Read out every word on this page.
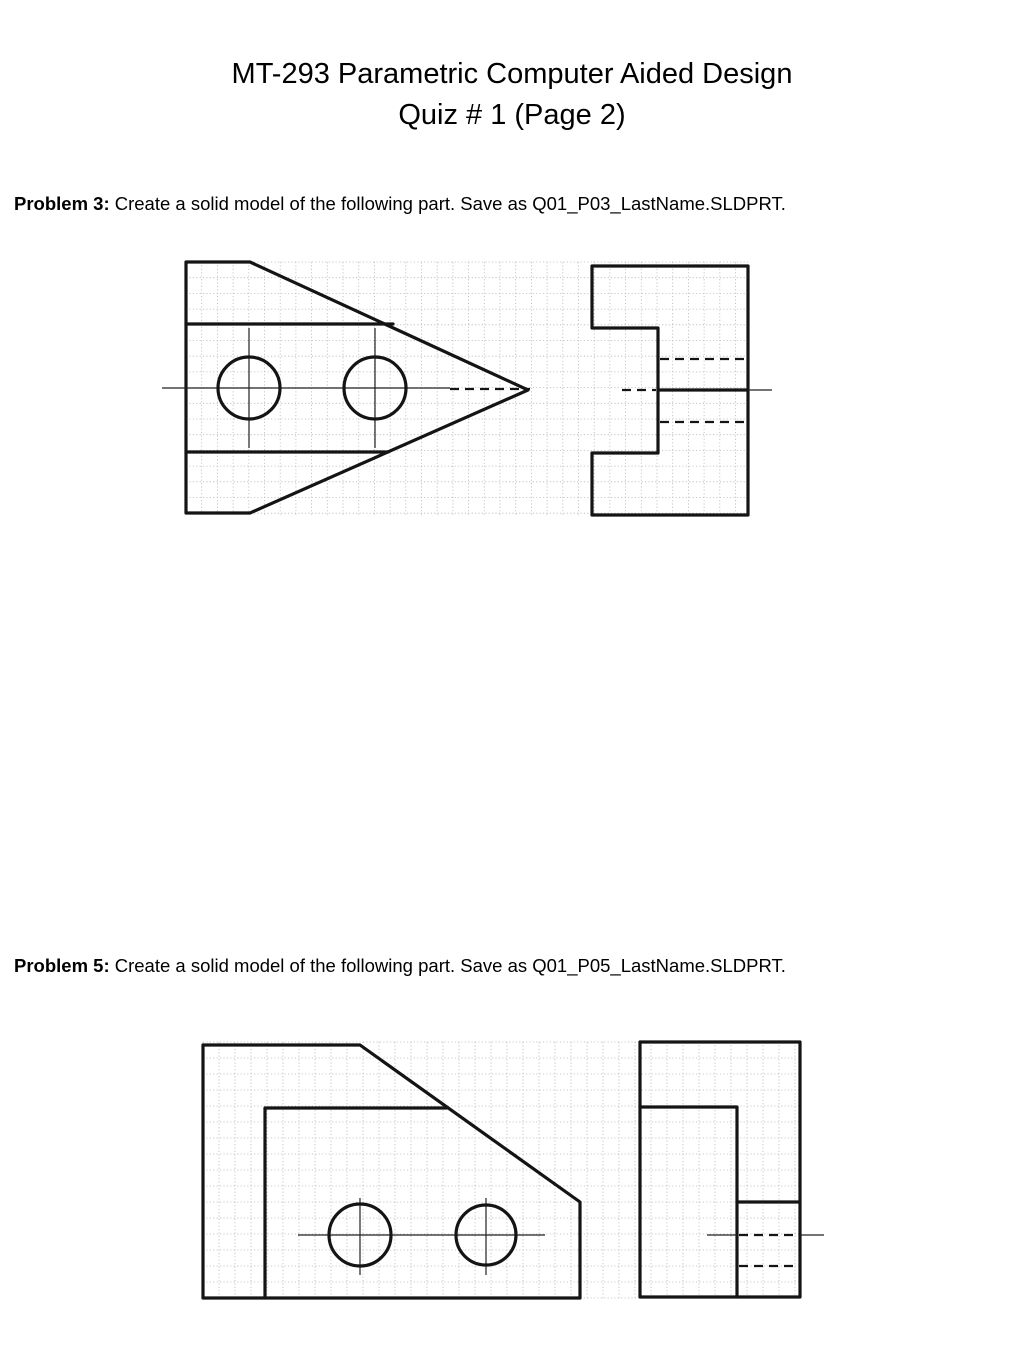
MT-293 Parametric Computer Aided Design
Quiz # 1 (Page 2)
Problem 3: Create a solid model of the following part. Save as Q01_P03_LastName.SLDPRT.
Problem 5: Create a solid model of the following part. Save as Q01_P05_LastName.SLDPRT.
